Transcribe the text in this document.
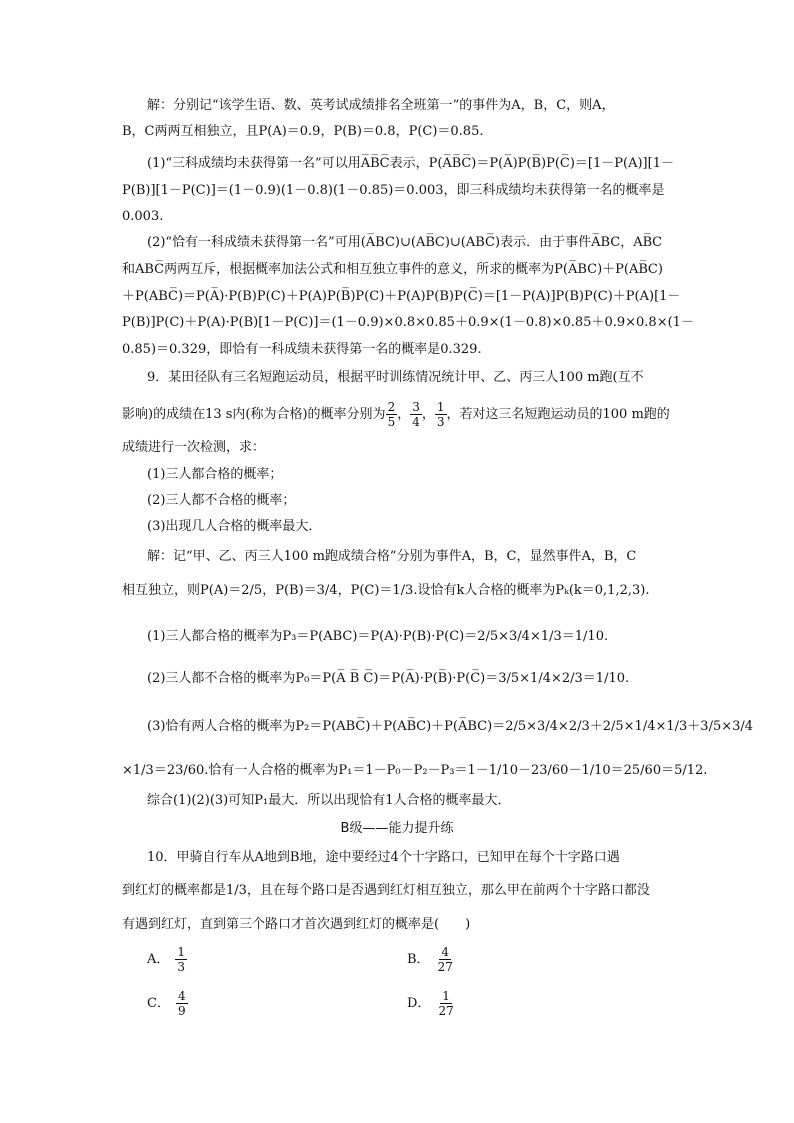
解：分别记“该学生语、数、英考试成绩排名全班第一”的事件为A，B，C，则A，
B，C两两互相独立，且P(A)＝0.9，P(B)＝0.8，P(C)＝0.85.
(1)“三科成绩均未获得第一名”可以用A̅B̅C̅表示，P(A̅B̅C̅)＝P(A̅)P(B̅)P(C̅)＝[1－P(A)][1－
P(B)][1－P(C)]＝(1－0.9)(1－0.8)(1－0.85)＝0.003，即三科成绩均未获得第一名的概率是
0.003.
(2)“恰有一科成绩未获得第一名”可用(A̅BC)∪(AB̅C)∪(ABC̅)表示．由于事件A̅BC，AB̅C
和ABC̅两两互斥，根据概率加法公式和相互独立事件的意义，所求的概率为P(A̅BC)＋P(AB̅C)
＋P(ABC̅)＝P(A̅)·P(B)P(C)＋P(A)P(B̅)P(C)＋P(A)P(B)P(C̅)＝[1－P(A)]P(B)P(C)＋P(A)[1－
P(B)]P(C)＋P(A)·P(B)[1－P(C)]＝(1－0.9)×0.8×0.85＋0.9×(1－0.8)×0.85＋0.9×0.8×(1－
0.85)＝0.329，即恰有一科成绩未获得第一名的概率是0.329.
9．某田径队有三名短跑运动员，根据平时训练情况统计甲、乙、丙三人100 m跑(互不
影响)的成绩在13 s内(称为合格)的概率分别为 $\frac{2}{5}$ ， $\frac{3}{4}$ ， $\frac{1}{3}$ ，若对这三名短跑运动员的100 m跑的
成绩进行一次检测，求：
(1)三人都合格的概率；
(2)三人都不合格的概率；
(3)出现几人合格的概率最大．
解：记“甲、乙、丙三人100 m跑成绩合格”分别为事件A，B，C，显然事件A，B，C
相互独立，则P(A)＝2/5，P(B)＝3/4，P(C)＝1/3.设恰有k人合格的概率为Pₖ(k＝0,1,2,3).
(1)三人都合格的概率为P₃＝P(ABC)＝P(A)·P(B)·P(C)＝2/5×3/4×1/3＝1/10.
(2)三人都不合格的概率为P₀＝P(A̅ B̅ C̅)＝P(A̅)·P(B̅)·P(C̅)＝3/5×1/4×2/3＝1/10.
(3)恰有两人合格的概率为P₂＝P(ABC̅)＋P(AB̅C)＋P(A̅BC)＝2/5×3/4×2/3＋2/5×1/4×1/3＋3/5×3/4
×1/3＝23/60.恰有一人合格的概率为P₁＝1－P₀－P₂－P₃＝1－1/10－23/60－1/10＝25/60＝5/12.
综合(1)(2)(3)可知P₁最大．所以出现恰有1人合格的概率最大．
B级——能力提升练
10．甲骑自行车从A地到B地，途中要经过4个十字路口，已知甲在每个十字路口遇
到红灯的概率都是1/3，且在每个路口是否遇到红灯相互独立，那么甲在前两个十字路口都没
有遇到红灯，直到第三个路口才首次遇到红灯的概率是(　　)
A． $\frac{1}{3}$	B． $\frac{4}{27}$
C． $\frac{4}{9}$	D． $\frac{1}{27}$
